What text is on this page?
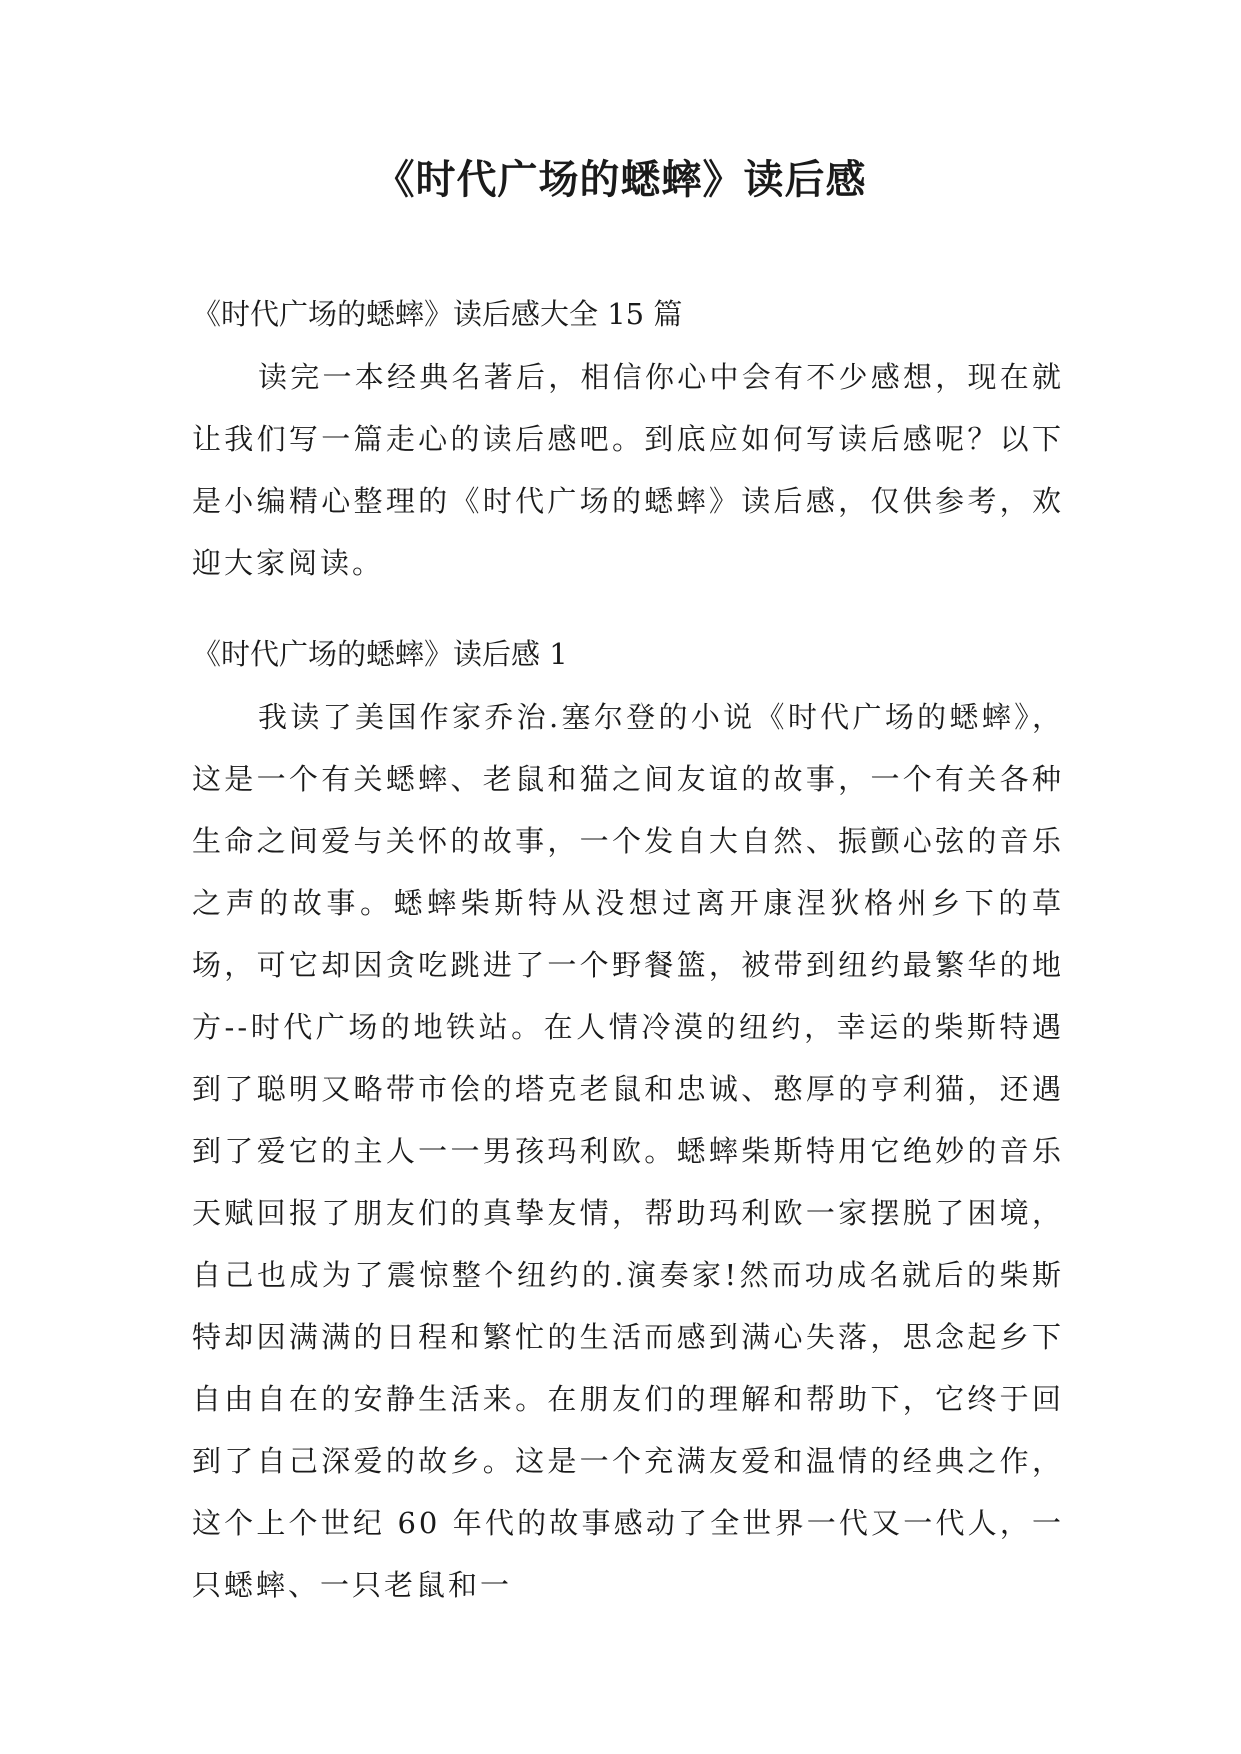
《时代广场的蟋蟀》读后感
《时代广场的蟋蟀》读后感大全 15 篇

读完一本经典名著后，相信你心中会有不少感想，现在就让我们写一篇走心的读后感吧。到底应如何写读后感呢？以下是小编精心整理的《时代广场的蟋蟀》读后感，仅供参考，欢迎大家阅读。

《时代广场的蟋蟀》读后感 1

我读了美国作家乔治.塞尔登的小说《时代广场的蟋蟀》，这是一个有关蟋蟀、老鼠和猫之间友谊的故事，一个有关各种生命之间爱与关怀的故事，一个发自大自然、振颤心弦的音乐之声的故事。蟋蟀柴斯特从没想过离开康涅狄格州乡下的草场，可它却因贪吃跳进了一个野餐篮，被带到纽约最繁华的地方--时代广场的地铁站。在人情冷漠的纽约，幸运的柴斯特遇到了聪明又略带市侩的塔克老鼠和忠诚、憨厚的亨利猫，还遇到了爱它的主人一一男孩玛利欧。蟋蟀柴斯特用它绝妙的音乐天赋回报了朋友们的真挚友情，帮助玛利欧一家摆脱了困境，自己也成为了震惊整个纽约的.演奏家!然而功成名就后的柴斯特却因满满的日程和繁忙的生活而感到满心失落，思念起乡下自由自在的安静生活来。在朋友们的理解和帮助下，它终于回到了自己深爱的故乡。这是一个充满友爱和温情的经典之作，这个上个世纪 60 年代的故事感动了全世界一代又一代人，一只蟋蟀、一只老鼠和一
